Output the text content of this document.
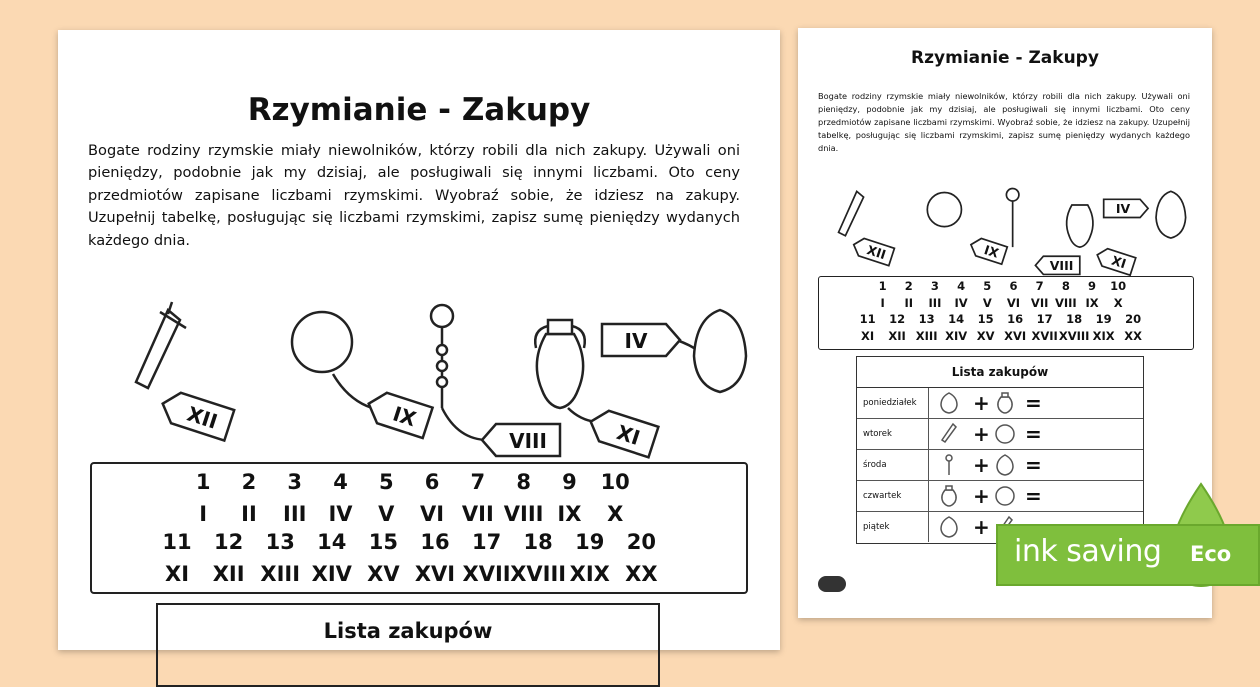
Rzymianie - Zakupy
Bogate rodziny rzymskie miały niewolników, którzy robili dla nich zakupy. Używali oni pieniędzy, podobnie jak my dzisiaj, ale posługiwali się innymi liczbami. Oto ceny przedmiotów zapisane liczbami rzymskimi. Wyobraź sobie, że idziesz na zakupy. Uzupełnij tabelkę, posługując się liczbami rzymskimi, zapisz sumę pieniędzy wydanych każdego dnia.
XII	IX
VIII	XI
IV
1 2 3 4 5 6 7 8 9 10
I II III IV V VI VII VIII IX X
11 12 13 14 15 16 17 18 19 20
XI XII XIII XIV XV XVI XVII XVIII XIX XX
Lista zakupów
Rzymianie - Zakupy
Bogate rodziny rzymskie miały niewolników, którzy robili dla nich zakupy. Używali oni pieniędzy, podobnie jak my dzisiaj, ale posługiwali się innymi liczbami. Oto ceny przedmiotów zapisane liczbami rzymskimi. Wyobraź sobie, że idziesz na zakupy. Uzupełnij tabelkę, posługując się liczbami rzymskimi, zapisz sumę pieniędzy wydanych każdego dnia.
XII	IX
VIII XI
IV
1 2 3 4 5 6 7 8 9 10
I II III IV V VI VII VIII IX X
11 12 13 14 15 16 17 18 19 20
XI XII XIII XIV XV XVI XVII XVIII XIX XX
Lista zakupów
poniedziałek	+ =
wtorek	+ =
środa	+ =
czwartek	+ =
piątek	+
ink saving Eco
